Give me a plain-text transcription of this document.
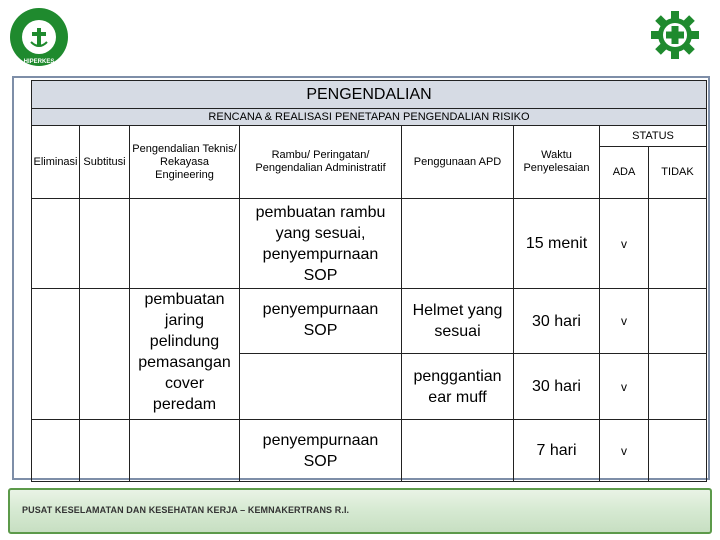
HIPERKES
PENGENDALIAN							
RENCANA & REALISASI PENETAPAN PENGENDALIAN RISIKO							
Eliminasi	Subtitusi	Pengendalian Teknis/ Rekayasa Engineering	Rambu/ Peringatan/ Pengendalian Administratif	Penggunaan APD	Waktu Penyelesaian	STATUS	
						ADA	TIDAK
			pembuatan rambu yang sesuai, penyempurnaan SOP		15 menit	v	
		pembuatan jaring pelindung pemasangan cover peredam	penyempurnaan SOP	Helmet yang sesuai	30 hari	v	
				penggantian ear muff	30 hari	v	
			penyempurnaan SOP		7 hari	v	
PUSAT KESELAMATAN DAN KESEHATAN KERJA – KEMNAKERTRANS R.I.
